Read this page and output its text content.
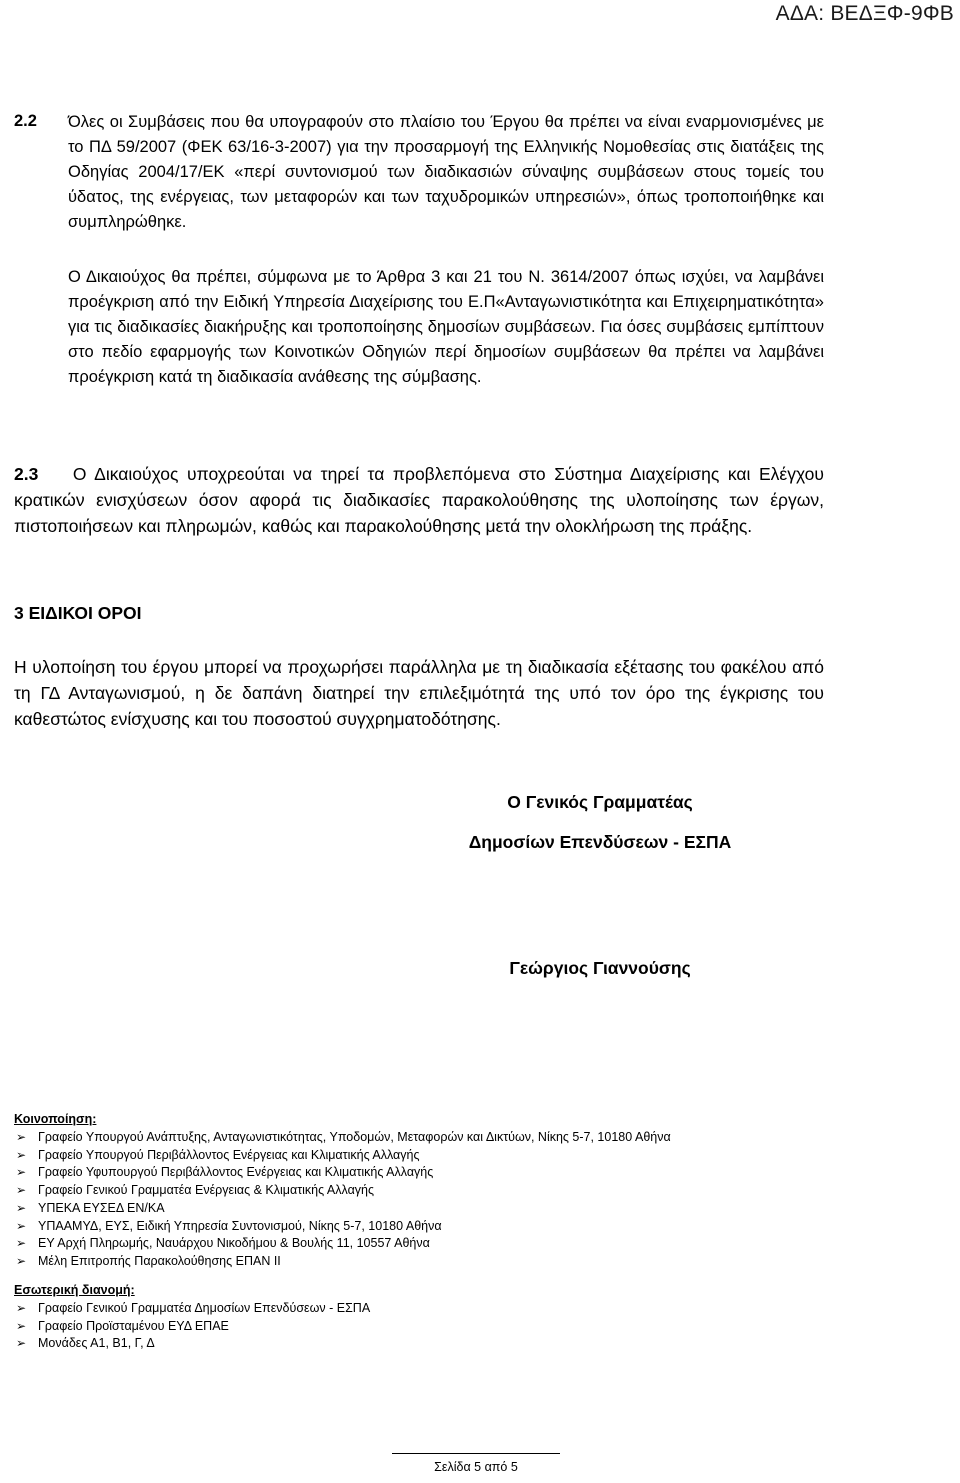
ΑΔΑ: ΒΕΔΞΦ-9ΦΒ
2.2 Όλες οι Συμβάσεις που θα υπογραφούν στο πλαίσιο του Έργου θα πρέπει να είναι εναρμονισμένες με το ΠΔ 59/2007 (ΦΕΚ 63/16-3-2007) για την προσαρμογή της Ελληνικής Νομοθεσίας στις διατάξεις της Οδηγίας 2004/17/ΕΚ «περί συντονισμού των διαδικασιών σύναψης συμβάσεων στους τομείς του ύδατος, της ενέργειας, των μεταφορών και των ταχυδρομικών υπηρεσιών», όπως τροποποιήθηκε και συμπληρώθηκε.

Ο Δικαιούχος θα πρέπει, σύμφωνα με το Άρθρα 3 και 21 του Ν. 3614/2007 όπως ισχύει, να λαμβάνει προέγκριση από την Ειδική Υπηρεσία Διαχείρισης του Ε.Π«Ανταγωνιστικότητα και Επιχειρηματικότητα» για τις διαδικασίες διακήρυξης και τροποποίησης δημοσίων συμβάσεων. Για όσες συμβάσεις εμπίπτουν στο πεδίο εφαρμογής των Κοινοτικών Οδηγιών περί δημοσίων συμβάσεων θα πρέπει να λαμβάνει προέγκριση κατά τη διαδικασία ανάθεσης της σύμβασης.

2.3 Ο Δικαιούχος υποχρεούται να τηρεί τα προβλεπόμενα στο Σύστημα Διαχείρισης και Ελέγχου κρατικών ενισχύσεων όσον αφορά τις διαδικασίες παρακολούθησης της υλοποίησης των έργων, πιστοποιήσεων και πληρωμών, καθώς και παρακολούθησης μετά την ολοκλήρωση της πράξης.
3 ΕΙΔΙΚΟΙ ΟΡΟΙ
Η υλοποίηση του έργου μπορεί να προχωρήσει παράλληλα με τη διαδικασία εξέτασης του φακέλου από τη ΓΔ Ανταγωνισμού, η δε δαπάνη διατηρεί την επιλεξιμότητά της υπό τον όρο της έγκρισης του καθεστώτος ενίσχυσης και του ποσοστού συγχρηματοδότησης.
Ο Γενικός Γραμματέας
Δημοσίων Επενδύσεων - ΕΣΠΑ
Γεώργιος Γιαννούσης
Κοινοποίηση:
➢ Γραφείο Υπουργού Ανάπτυξης, Ανταγωνιστικότητας, Υποδομών, Μεταφορών και Δικτύων, Νίκης 5-7, 10180 Αθήνα
➢ Γραφείο Υπουργού Περιβάλλοντος Ενέργειας και Κλιματικής Αλλαγής
➢ Γραφείο Υφυπουργού Περιβάλλοντος Ενέργειας και Κλιματικής Αλλαγής
➢ Γραφείο Γενικού Γραμματέα Ενέργειας & Κλιματικής Αλλαγής
➢ ΥΠΕΚΑ ΕΥΣΕΔ ΕΝ/ΚΑ
➢ ΥΠΑΑΜΥΔ, ΕΥΣ, Ειδική Υπηρεσία Συντονισμού, Νίκης 5-7, 10180 Αθήνα
➢ ΕΥ Αρχή Πληρωμής, Ναυάρχου Νικοδήμου & Βουλής 11, 10557 Αθήνα
➢ Μέλη Επιτροπής Παρακολούθησης ΕΠΑΝ ΙΙ
Εσωτερική διανομή:
➢ Γραφείο Γενικού Γραμματέα Δημοσίων Επενδύσεων - ΕΣΠΑ
➢ Γραφείο Προϊσταμένου ΕΥΔ ΕΠΑΕ
➢ Μονάδες Α1, Β1, Γ, Δ
Σελίδα 5 από 5
